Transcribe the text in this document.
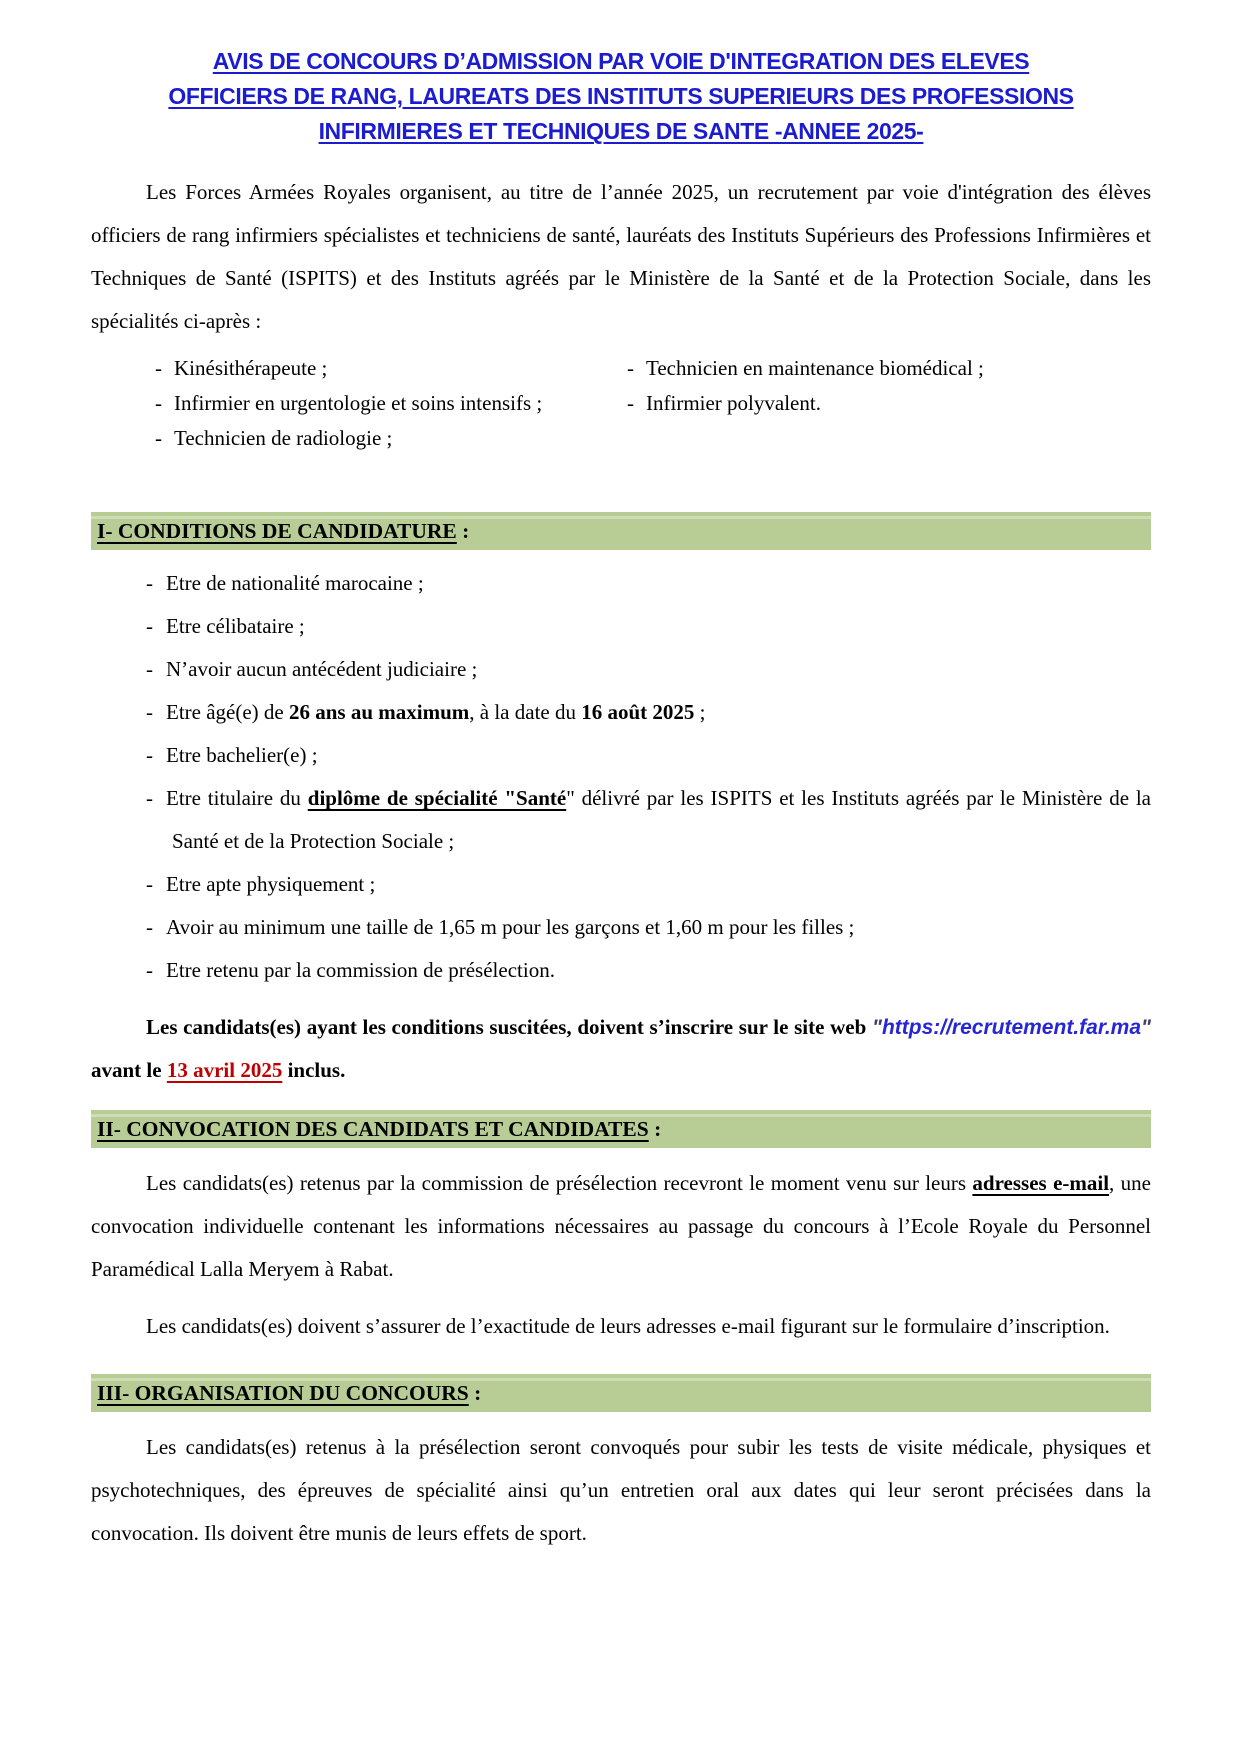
AVIS DE CONCOURS D’ADMISSION PAR VOIE D'INTEGRATION DES ELEVES
OFFICIERS DE RANG, LAUREATS DES INSTITUTS SUPERIEURS DES PROFESSIONS
INFIRMIERES ET TECHNIQUES DE SANTE -ANNEE 2025-

Les Forces Armées Royales organisent, au titre de l’année 2025, un recrutement par voie d'intégration des élèves officiers de rang infirmiers spécialistes et techniciens de santé, lauréats des Instituts Supérieurs des Professions Infirmières et Techniques de Santé (ISPITS) et des Instituts agréés par le Ministère de la Santé et de la Protection Sociale, dans les spécialités ci-après :

- Kinésithérapeute ;
- Infirmier en urgentologie et soins intensifs ;
- Technicien de radiologie ;
- Technicien en maintenance biomédical ;
- Infirmier polyvalent.
I- CONDITIONS DE CANDIDATURE :

- Etre de nationalité marocaine ;

- Etre célibataire ;

- N’avoir aucun antécédent judiciaire ;

- Etre âgé(e) de 26 ans au maximum, à la date du 16 août 2025 ;

- Etre bachelier(e) ;

- Etre titulaire du diplôme de spécialité "Santé" délivré par les ISPITS et les Instituts agréés par le Ministère de la Santé et de la Protection Sociale ;

- Etre apte physiquement ;

- Avoir au minimum une taille de 1,65 m pour les garçons et 1,60 m pour les filles ;

- Etre retenu par la commission de présélection.

Les candidats(es) ayant les conditions suscitées, doivent s’inscrire sur le site web "https://recrutement.far.ma" avant le 13 avril 2025 inclus.

II- CONVOCATION DES CANDIDATS ET CANDIDATES :

Les candidats(es) retenus par la commission de présélection recevront le moment venu sur leurs adresses e-mail, une convocation individuelle contenant les informations nécessaires au passage du concours à l’Ecole Royale du Personnel Paramédical Lalla Meryem à Rabat.

Les candidats(es) doivent s’assurer de l’exactitude de leurs adresses e-mail figurant sur le formulaire d’inscription.

III- ORGANISATION DU CONCOURS :

Les candidats(es) retenus à la présélection seront convoqués pour subir les tests de visite médicale, physiques et psychotechniques, des épreuves de spécialité ainsi qu’un entretien oral aux dates qui leur seront précisées dans la convocation. Ils doivent être munis de leurs effets de sport.
